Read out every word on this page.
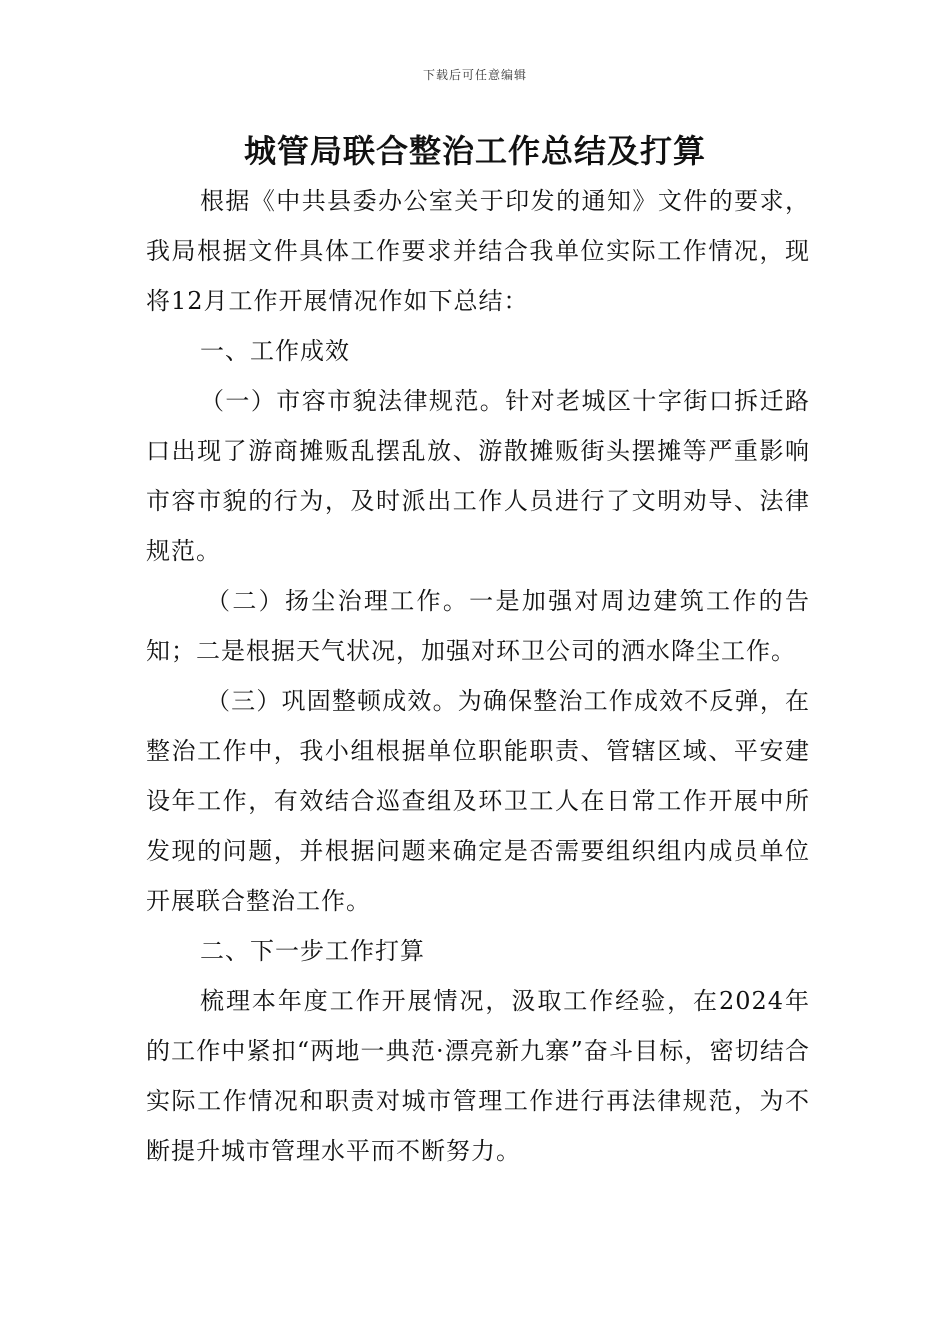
下载后可任意编辑
城管局联合整治工作总结及打算

根据《中共县委办公室关于印发的通知》文件的要求，我局根据文件具体工作要求并结合我单位实际工作情况，现将12月工作开展情况作如下总结：

一、工作成效

（一）市容市貌法律规范。针对老城区十字街口拆迁路口出现了游商摊贩乱摆乱放、游散摊贩街头摆摊等严重影响市容市貌的行为，及时派出工作人员进行了文明劝导、法律规范。

（二）扬尘治理工作。一是加强对周边建筑工作的告知；二是根据天气状况，加强对环卫公司的洒水降尘工作。

（三）巩固整顿成效。为确保整治工作成效不反弹，在整治工作中，我小组根据单位职能职责、管辖区域、平安建设年工作，有效结合巡查组及环卫工人在日常工作开展中所发现的问题，并根据问题来确定是否需要组织组内成员单位开展联合整治工作。

二、下一步工作打算

梳理本年度工作开展情况，汲取工作经验，在2024年的工作中紧扣“两地一典范·漂亮新九寨”奋斗目标，密切结合实际工作情况和职责对城市管理工作进行再法律规范，为不断提升城市管理水平而不断努力。
